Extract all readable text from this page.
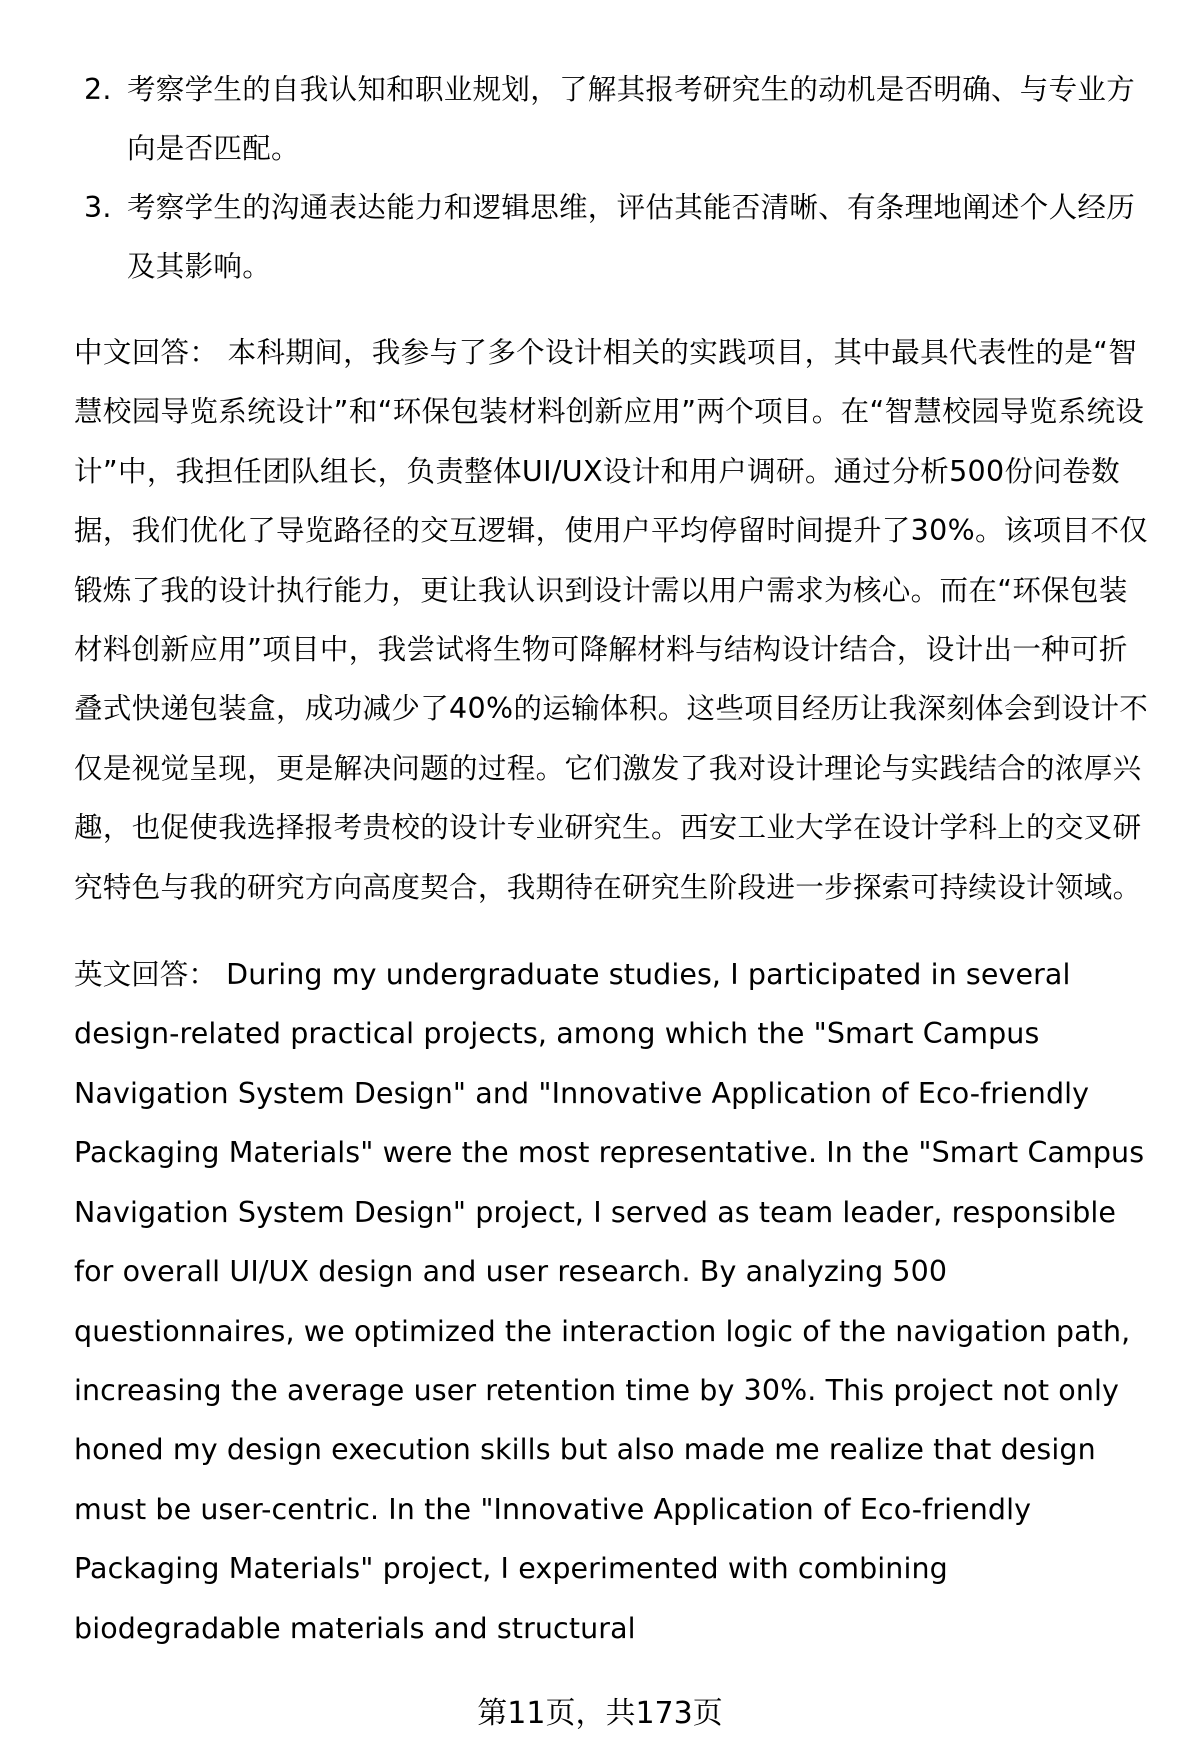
2. 考察学生的自我认知和职业规划，了解其报考研究生的动机是否明确、与专业方向是否匹配。
3. 考察学生的沟通表达能力和逻辑思维，评估其能否清晰、有条理地阐述个人经历及其影响。

中文回答： 本科期间，我参与了多个设计相关的实践项目，其中最具代表性的是“智慧校园导览系统设计”和“环保包装材料创新应用”两个项目。在“智慧校园导览系统设计”中，我担任团队组长，负责整体UI/UX设计和用户调研。通过分析500份问卷数据，我们优化了导览路径的交互逻辑，使用户平均停留时间提升了30%。该项目不仅锻炼了我的设计执行能力，更让我认识到设计需以用户需求为核心。而在“环保包装材料创新应用”项目中，我尝试将生物可降解材料与结构设计结合，设计出一种可折叠式快递包装盒，成功减少了40%的运输体积。这些项目经历让我深刻体会到设计不仅是视觉呈现，更是解决问题的过程。它们激发了我对设计理论与实践结合的浓厚兴趣，也促使我选择报考贵校的设计专业研究生。西安工业大学在设计学科上的交叉研究特色与我的研究方向高度契合，我期待在研究生阶段进一步探索可持续设计领域。

英文回答： During my undergraduate studies, I participated in several design-related practical projects, among which the "Smart Campus Navigation System Design" and "Innovative Application of Eco-friendly Packaging Materials" were the most representative. In the "Smart Campus Navigation System Design" project, I served as team leader, responsible for overall UI/UX design and user research. By analyzing 500 questionnaires, we optimized the interaction logic of the navigation path, increasing the average user retention time by 30%. This project not only honed my design execution skills but also made me realize that design must be user-centric. In the "Innovative Application of Eco-friendly Packaging Materials" project, I experimented with combining biodegradable materials and structural

第11页，共173页
